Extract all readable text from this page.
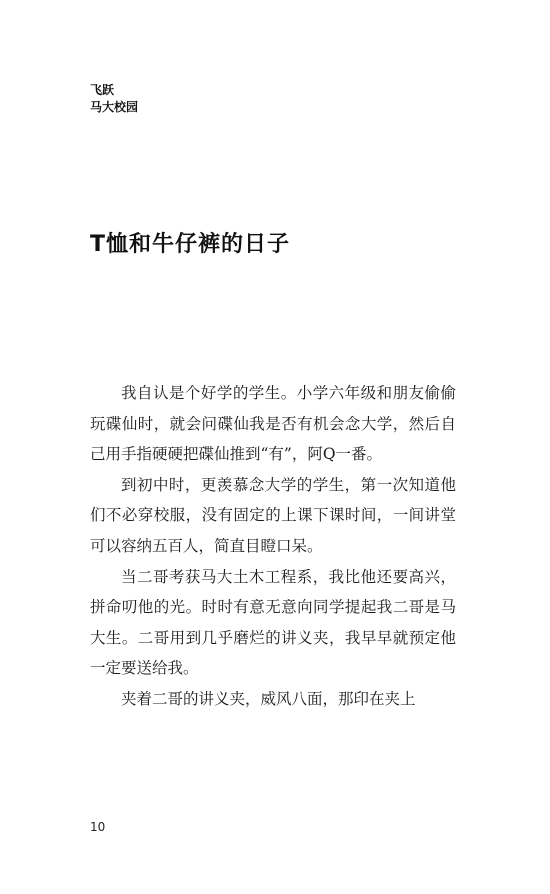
飞跃
马大校园
T恤和牛仔裤的日子

我自认是个好学的学生。小学六年级和朋友偷偷玩碟仙时，就会问碟仙我是否有机会念大学，然后自己用手指硬硬把碟仙推到“有”，阿Q一番。

到初中时，更羡慕念大学的学生，第一次知道他们不必穿校服，没有固定的上课下课时间，一间讲堂可以容纳五百人，简直目瞪口呆。

当二哥考获马大土木工程系，我比他还要高兴，拼命叨他的光。时时有意无意向同学提起我二哥是马大生。二哥用到几乎磨烂的讲义夹，我早早就预定他一定要送给我。

夹着二哥的讲义夹，威风八面，那印在夹上

10
